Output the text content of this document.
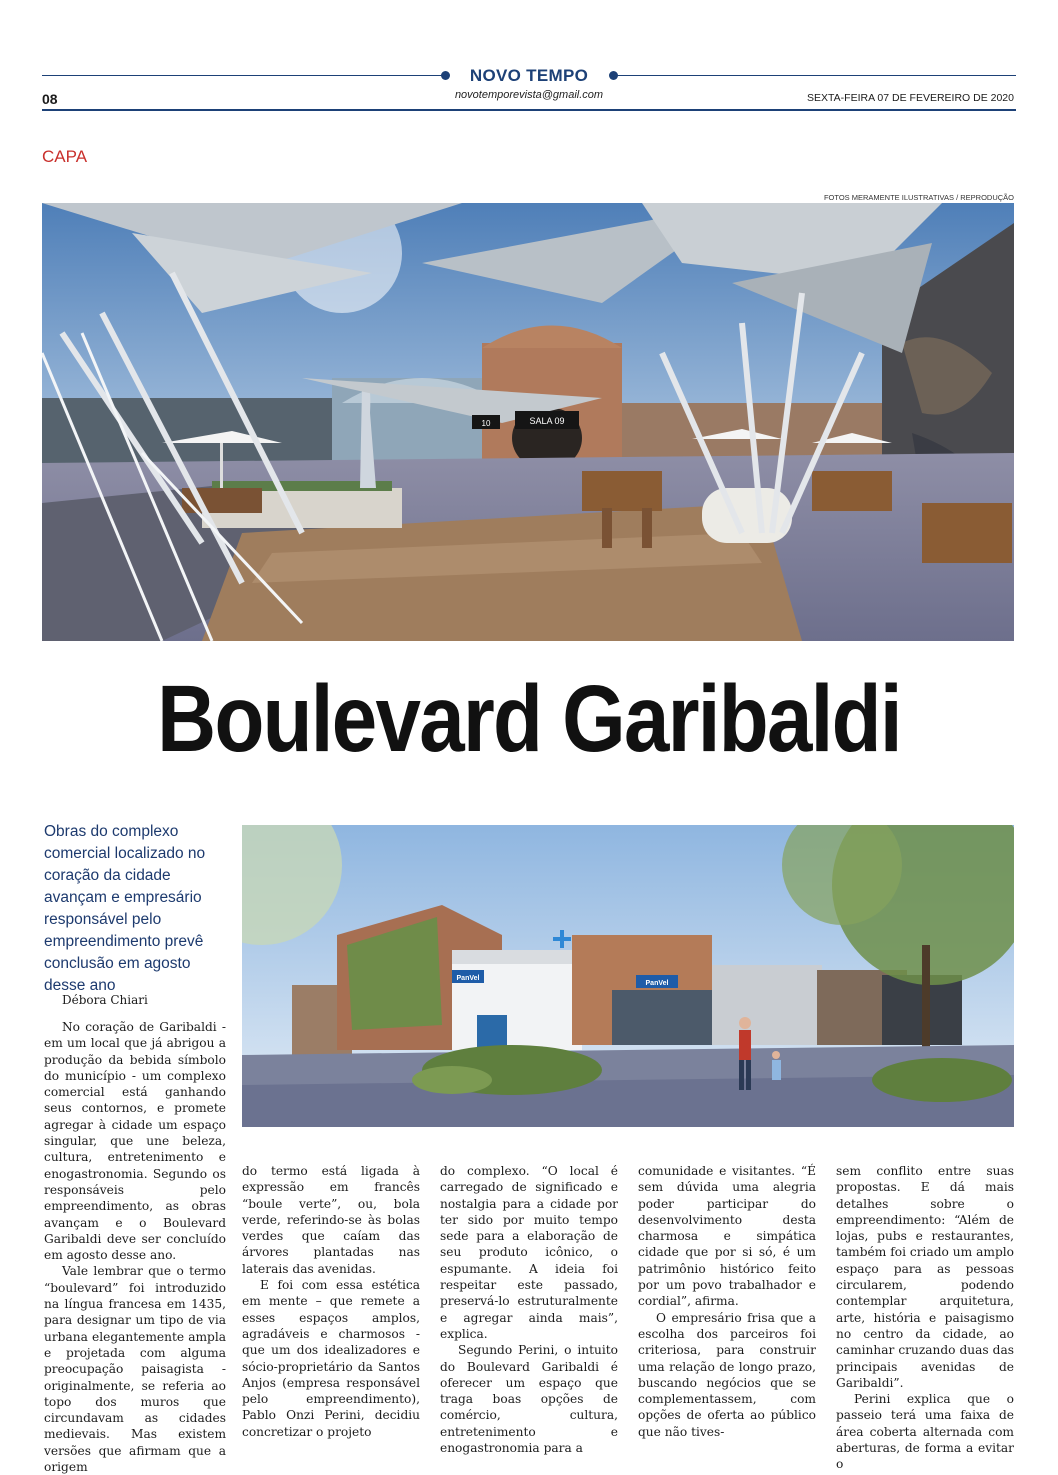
NOVO TEMPO
novotemporevista@gmail.com
08	SEXTA-FEIRA 07 DE FEVEREIRO DE 2020
CAPA
FOTOS MERAMENTE ILUSTRATIVAS / REPRODUÇÃO
SALA 09
10
Boulevard Garibaldi
Obras do complexo comercial localizado no coração da cidade avançam e empresário responsável pelo empreendimento prevê conclusão em agosto desse ano
Débora Chiari
PanVel
PanVel

No coração de Garibaldi - em um local que já abrigou a produção da bebida símbolo do município - um complexo comercial está ganhando seus contornos, e promete agregar à cidade um espaço singular, que une beleza, cultura, entretenimento e enogastronomia. Segundo os responsáveis pelo empreendimento, as obras avançam e o Boulevard Garibaldi deve ser concluído em agosto desse ano.

Vale lembrar que o termo “boulevard” foi introduzido na língua francesa em 1435, para designar um tipo de via urbana elegantemente ampla e projetada com alguma preocupação paisagista - originalmente, se referia ao topo dos muros que circundavam as cidades medievais. Mas existem versões que afirmam que a origem

do termo está ligada à expressão em francês “boule verte”, ou, bola verde, referindo-se às bolas verdes que caíam das árvores plantadas nas laterais das avenidas.

E foi com essa estética em mente – que remete a esses espaços amplos, agradáveis e charmosos - que um dos idealizadores e sócio-proprietário da Santos Anjos (empresa responsável pelo empreendimento), Pablo Onzi Perini, decidiu concretizar o projeto

do complexo. “O local é carregado de significado e nostalgia para a cidade por ter sido por muito tempo sede para a elaboração de seu produto icônico, o espumante. A ideia foi respeitar este passado, preservá-lo estruturalmente e agregar ainda mais”, explica.

Segundo Perini, o intuito do Boulevard Garibaldi é oferecer um espaço que traga boas opções de comércio, cultura, entretenimento e enogastronomia para a

comunidade e visitantes. “É sem dúvida uma alegria poder participar do desenvolvimento desta charmosa e simpática cidade que por si só, é um patrimônio histórico feito por um povo trabalhador e cordial”, afirma.

O empresário frisa que a escolha dos parceiros foi criteriosa, para construir uma relação de longo prazo, buscando negócios que se complementassem, com opções de oferta ao público que não tives-

sem conflito entre suas propostas. E dá mais detalhes sobre o empreendimento: “Além de lojas, pubs e restaurantes, também foi criado um amplo espaço para as pessoas circularem, podendo contemplar arquitetura, arte, história e paisagismo no centro da cidade, ao caminhar cruzando duas das principais avenidas de Garibaldi”.

Perini explica que o passeio terá uma faixa de área coberta alternada com aberturas, de forma a evitar o
